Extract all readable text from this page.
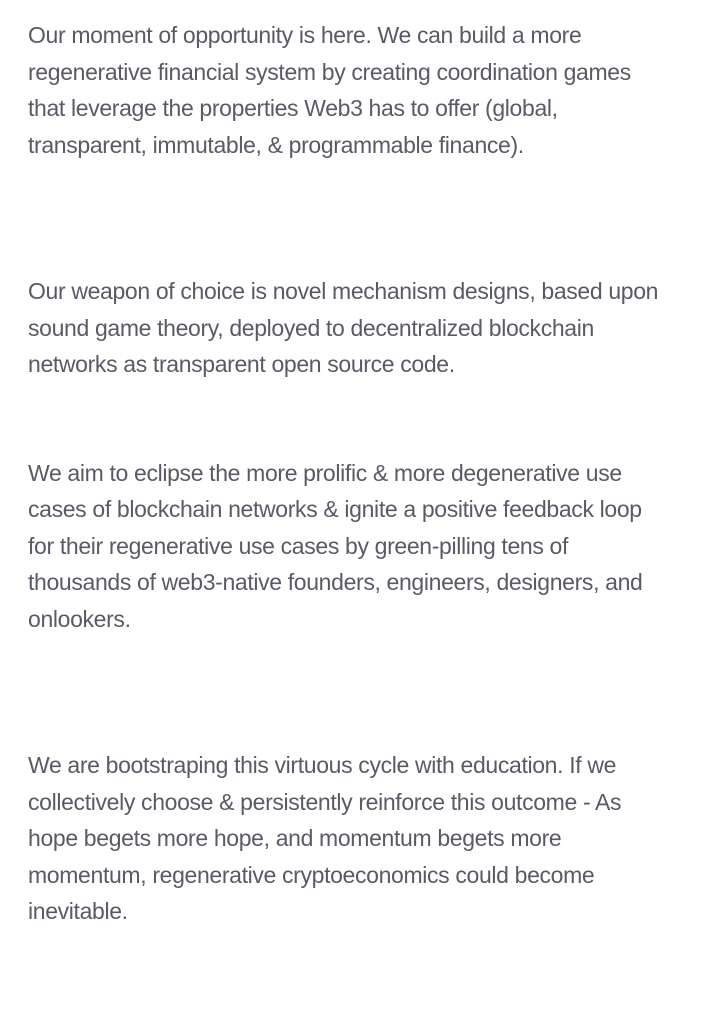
Our moment of opportunity is here. We can build a more regenerative financial system by creating coordination games that leverage the properties Web3 has to offer (global, transparent, immutable, & programmable finance).

Our weapon of choice is novel mechanism designs, based upon sound game theory, deployed to decentralized blockchain networks as transparent open source code.

We aim to eclipse the more prolific & more degenerative use cases of blockchain networks & ignite a positive feedback loop for their regenerative use cases by green-pilling tens of thousands of web3-native founders, engineers, designers, and onlookers.

We are bootstraping this virtuous cycle with education. If we collectively choose & persistently reinforce this outcome - As hope begets more hope, and momentum begets more momentum, regenerative cryptoeconomics could become inevitable.
